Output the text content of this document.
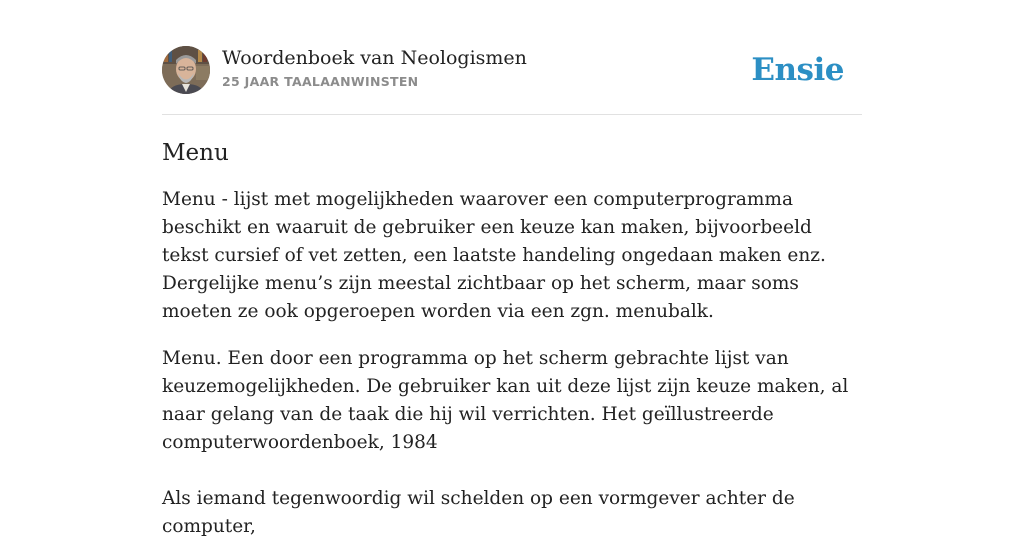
Woordenboek van Neologismen
25 JAAR TAALAANWINSTEN	Ensie
Menu

Menu - lijst met mogelijkheden waarover een computerprogramma beschikt en waaruit de gebruiker een keuze kan maken, bijvoorbeeld tekst cursief of vet zetten, een laatste handeling ongedaan maken enz. Dergelijke menu’s zijn meestal zichtbaar op het scherm, maar soms moeten ze ook opgeroepen worden via een zgn. menubalk.

Menu. Een door een programma op het scherm gebrachte lijst van keuzemogelijkheden. De gebruiker kan uit deze lijst zijn keuze maken, al naar gelang van de taak die hij wil verrichten. Het geïllustreerde computerwoordenboek, 1984

Als iemand tegenwoordig wil schelden op een vormgever achter de computer,
